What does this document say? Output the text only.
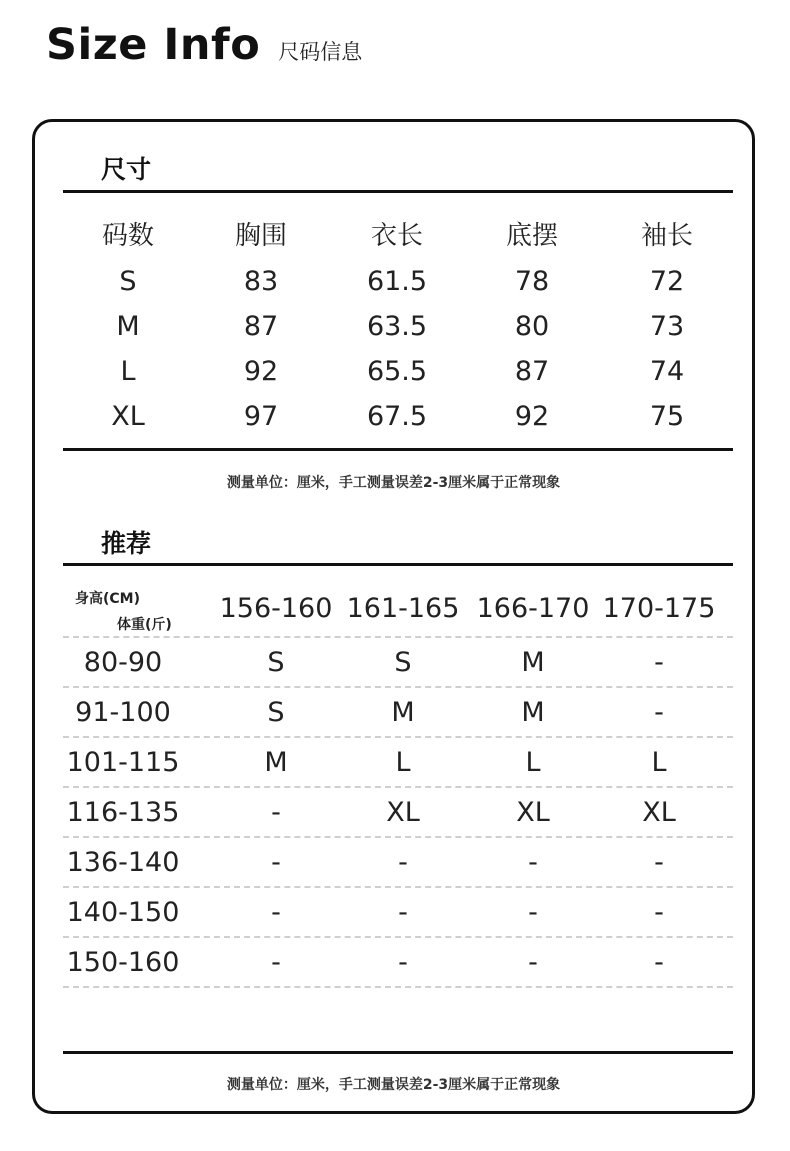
Size Info 尺码信息
尺寸
码数	胸围	衣长	底摆	袖长
S	83	61.5	78	72
M	87	63.5	80	73
L	92	65.5	87	74
XL	97	67.5	92	75
测量单位：厘米，手工测量误差2-3厘米属于正常现象
推荐
身高(CM)
体重(斤)
156-160 161-165 166-170 170-175
80-90	S	S	M	-
91-100	S	M	M	-
101-115	M	L	L	L
116-135	-	XL	XL	XL
136-140	-	-	-	-
140-150	-	-	-	-
150-160	-	-	-	-
测量单位：厘米，手工测量误差2-3厘米属于正常现象
